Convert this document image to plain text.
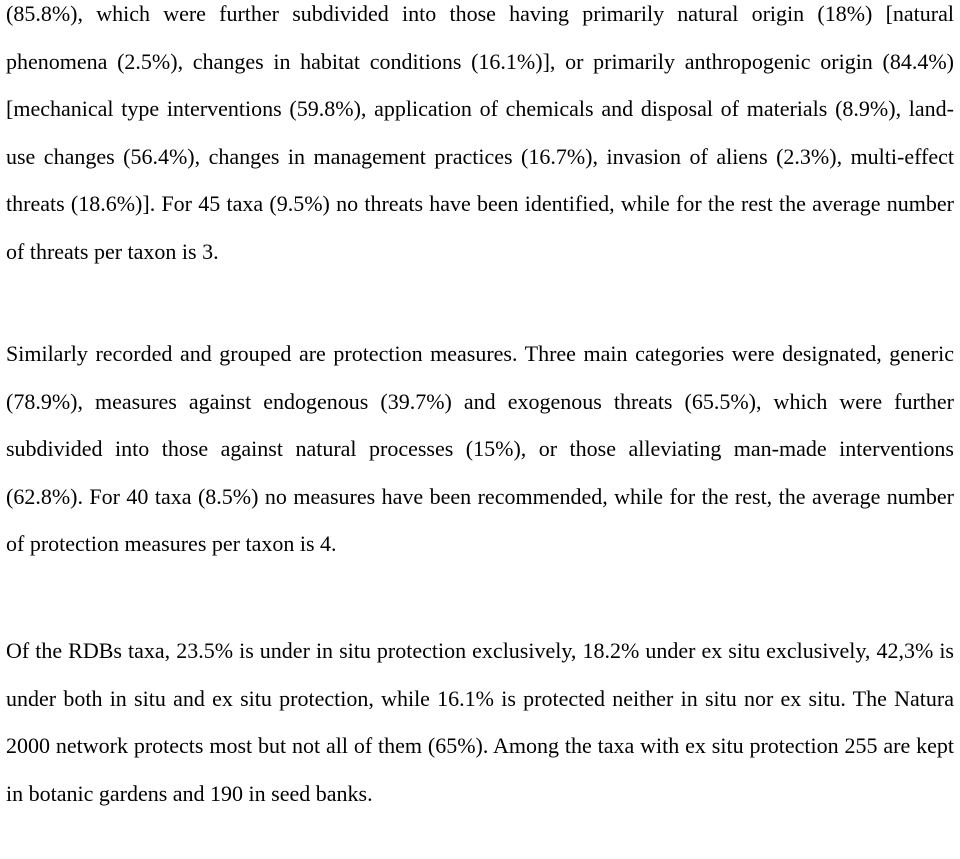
(85.8%), which were further subdivided into those having primarily natural origin (18%) [natural phenomena (2.5%), changes in habitat conditions (16.1%)], or primarily anthropogenic origin (84.4%) [mechanical type interventions (59.8%), application of chemicals and disposal of materials (8.9%), land-use changes (56.4%), changes in management practices (16.7%), invasion of aliens (2.3%), multi-effect threats (18.6%)]. For 45 taxa (9.5%) no threats have been identified, while for the rest the average number of threats per taxon is 3.

Similarly recorded and grouped are protection measures. Three main categories were designated, generic (78.9%), measures against endogenous (39.7%) and exogenous threats (65.5%), which were further subdivided into those against natural processes (15%), or those alleviating man-made interventions (62.8%). For 40 taxa (8.5%) no measures have been recommended, while for the rest, the average number of protection measures per taxon is 4.

Of the RDBs taxa, 23.5% is under in situ protection exclusively, 18.2% under ex situ exclusively, 42,3% is under both in situ and ex situ protection, while 16.1% is protected neither in situ nor ex situ. The Natura 2000 network protects most but not all of them (65%). Among the taxa with ex situ protection 255 are kept in botanic gardens and 190 in seed banks.
